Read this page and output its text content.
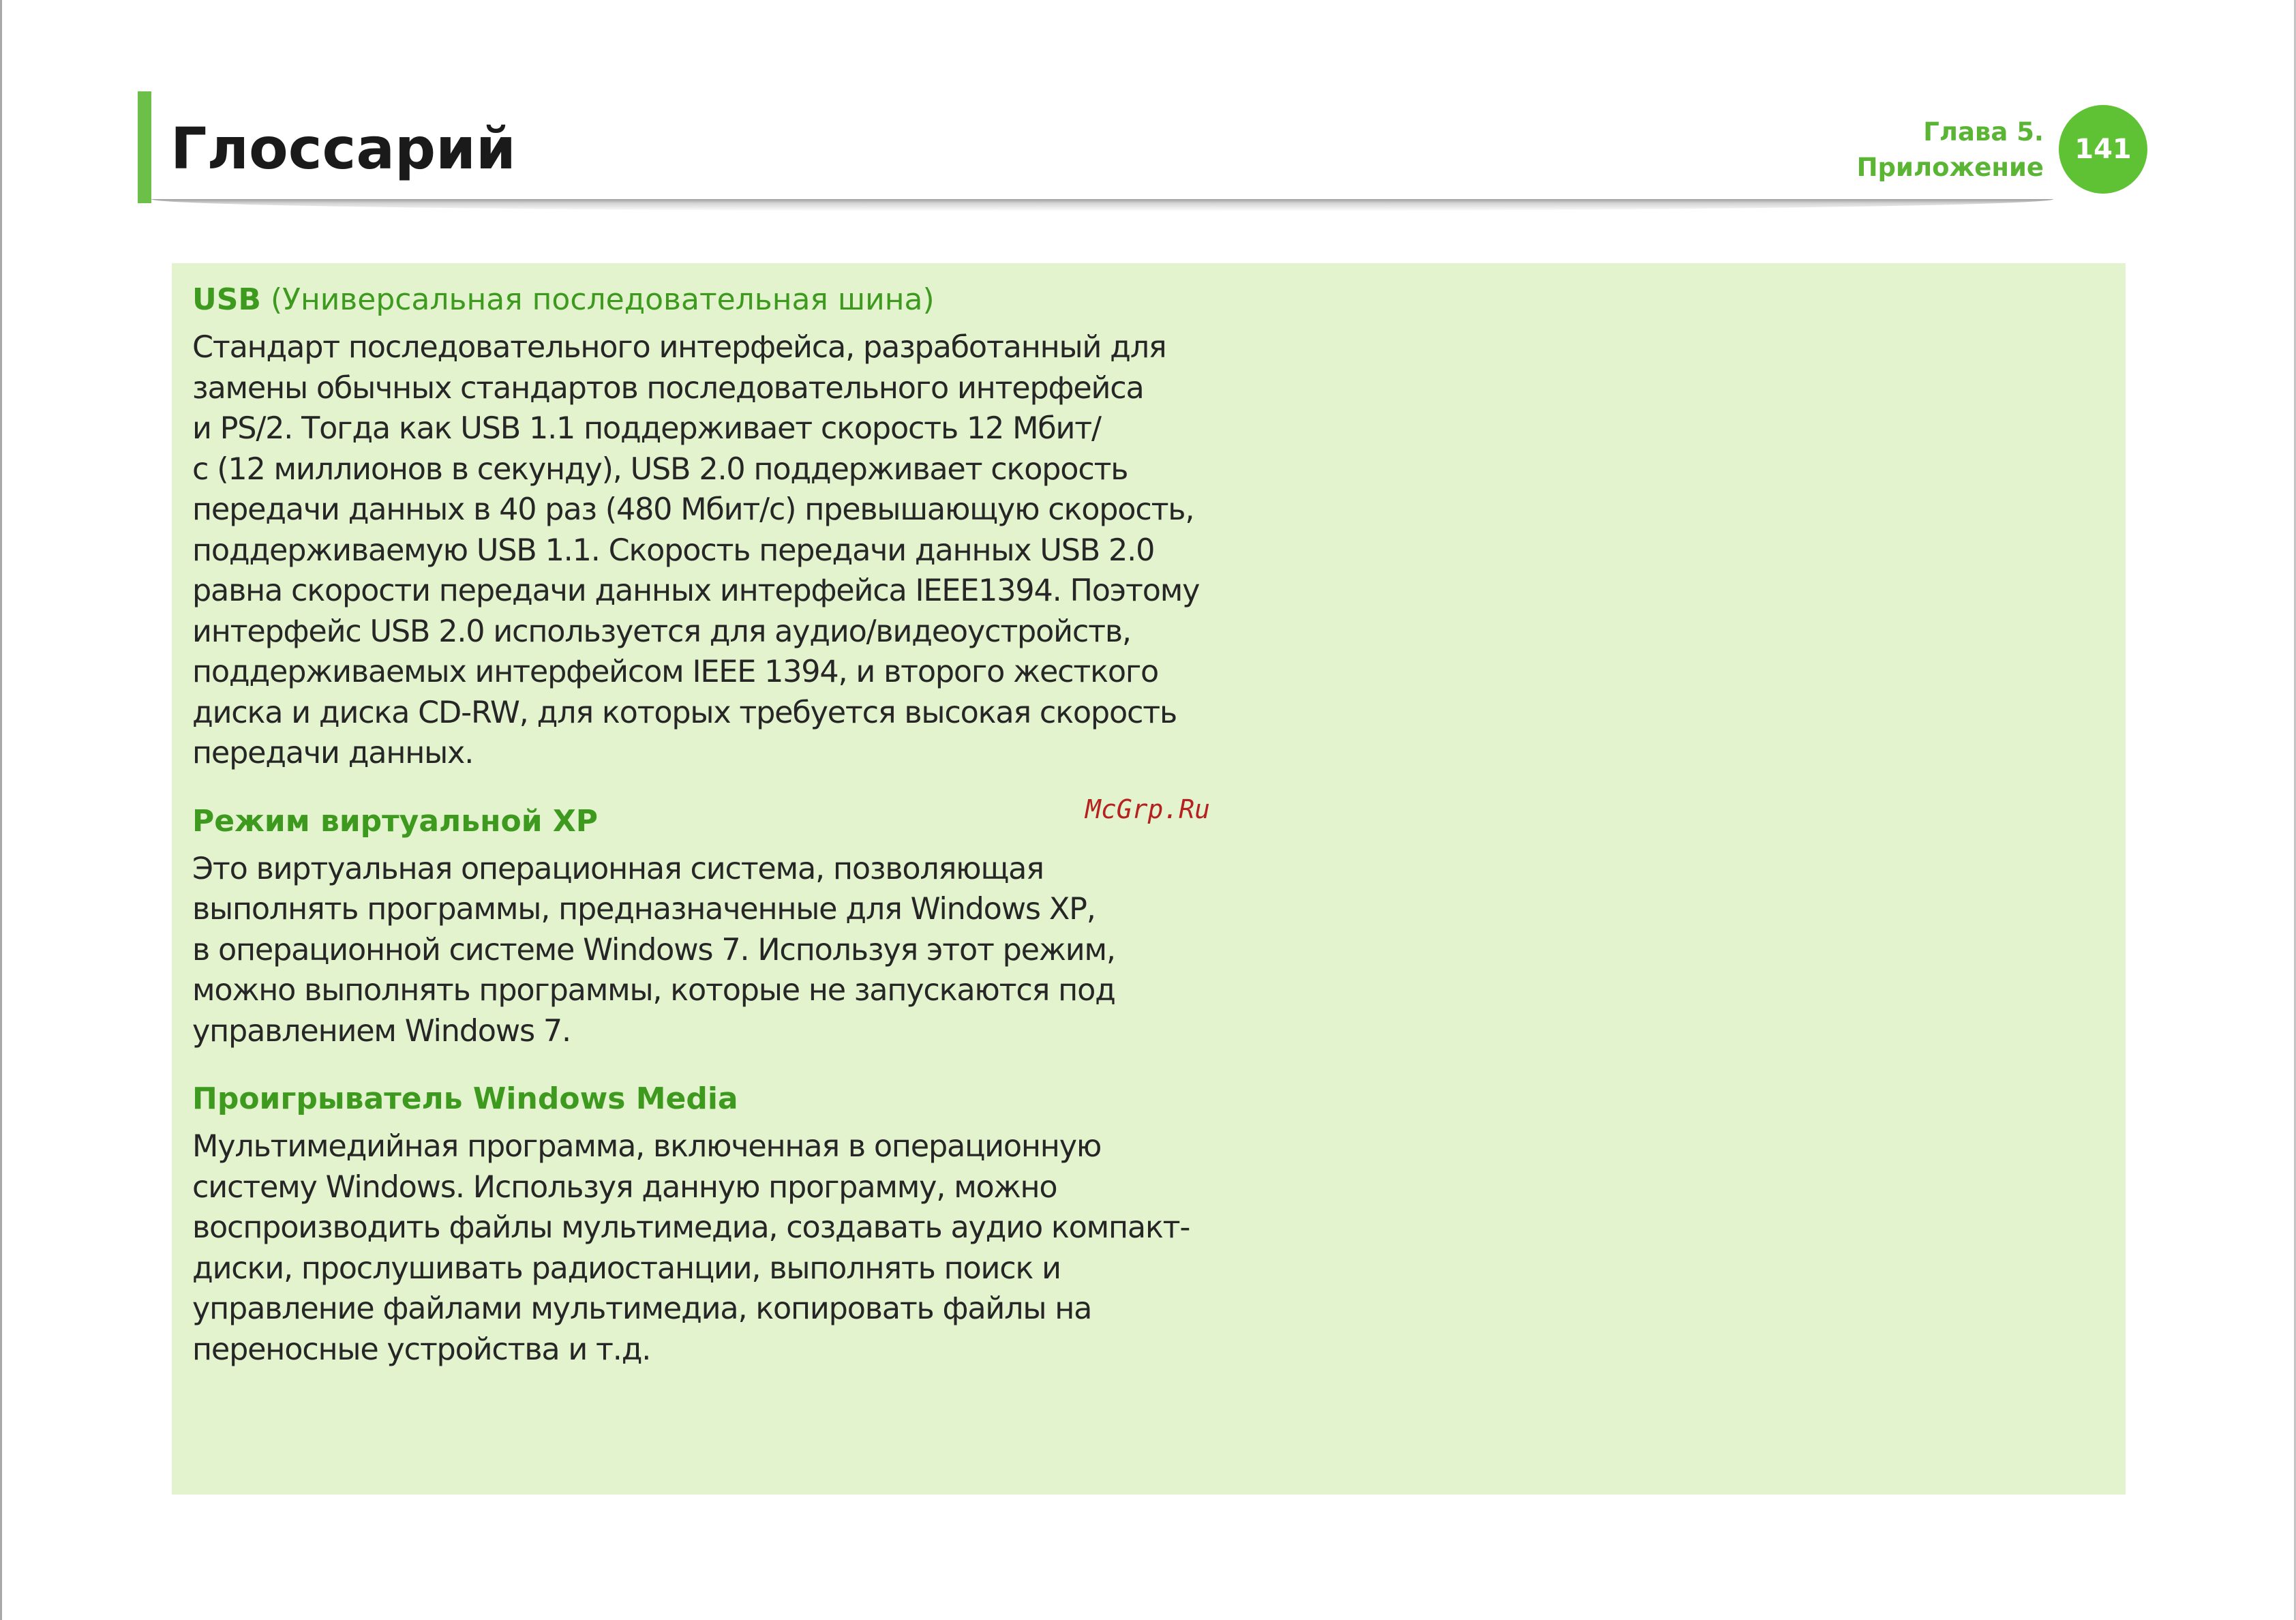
Глоссарий	Глава 5.
Приложение
141

USB (Универсальная последовательная шина)

Стандарт последовательного интерфейса, разработанный для
замены обычных стандартов последовательного интерфейса
и PS/2. Тогда как USB 1.1 поддерживает скорость 12 Мбит/
с (12 миллионов в секунду), USB 2.0 поддерживает скорость
передачи данных в 40 раз (480 Мбит/с) превышающую скорость,
поддерживаемую USB 1.1. Скорость передачи данных USB 2.0
равна скорости передачи данных интерфейса IEEE1394. Поэтому
интерфейс USB 2.0 используется для аудио/видеоустройств,
поддерживаемых интерфейсом IEEE 1394, и второго жесткого
диска и диска CD-RW, для которых требуется высокая скорость
передачи данных.

Режим виртуальной XP

Это виртуальная операционная система, позволяющая
выполнять программы, предназначенные для Windows XP,
в операционной системе Windows 7. Используя этот режим,
можно выполнять программы, которые не запускаются под
управлением Windows 7.

Проигрыватель Windows Media

Мультимедийная программа, включенная в операционную
систему Windows. Используя данную программу, можно
воспроизводить файлы мультимедиа, создавать аудио компакт-
диски, прослушивать радиостанции, выполнять поиск и
управление файлами мультимедиа, копировать файлы на
переносные устройства и т.д.

McGrp.Ru
